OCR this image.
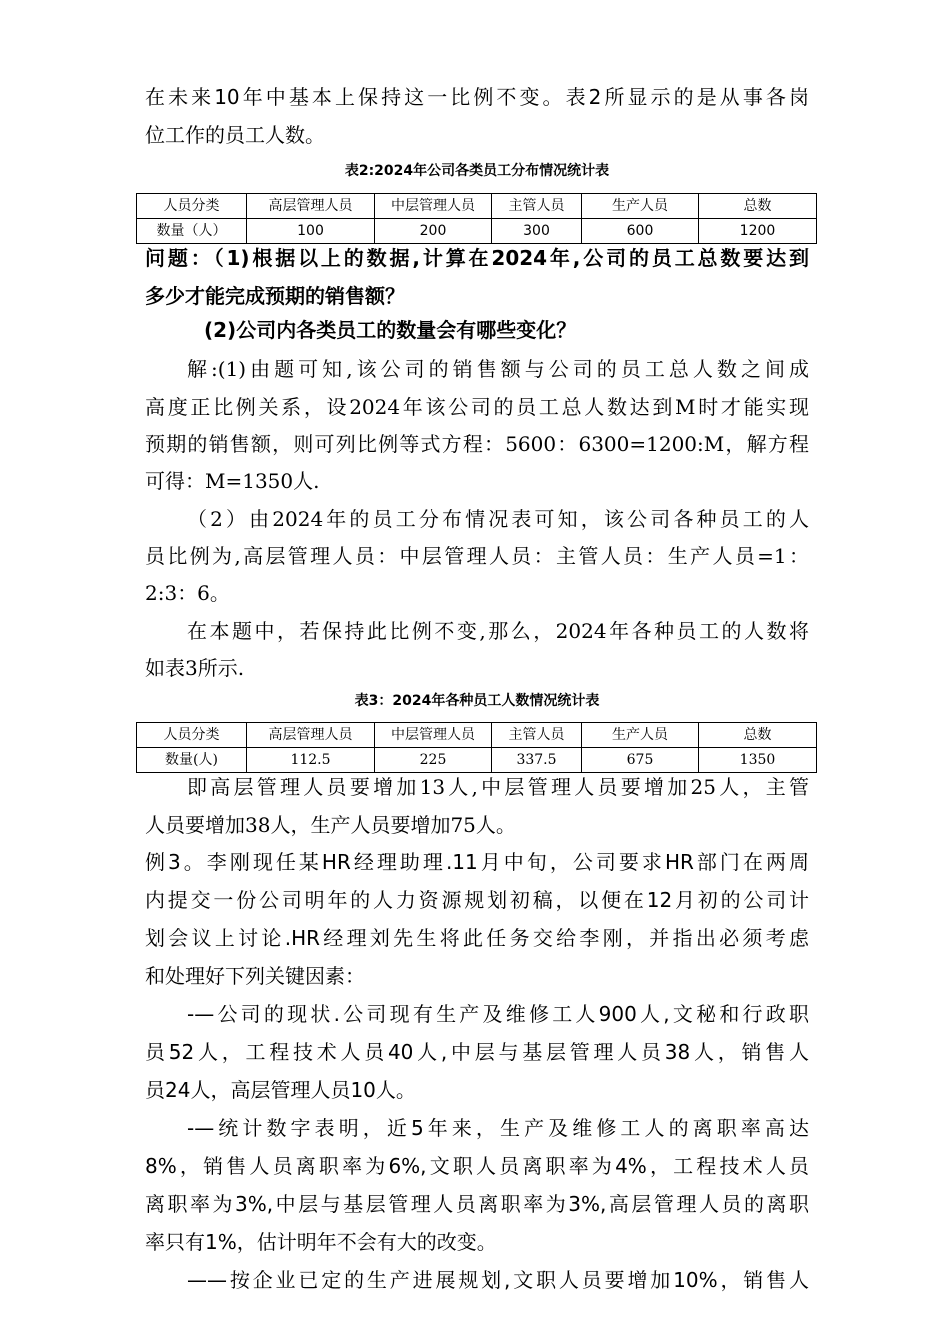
在未来10年中基本上保持这一比例不变。表2所显示的是从事各岗
位工作的员工人数。
表2:2024年公司各类员工分布情况统计表
人员分类	高层管理人员	中层管理人员	主管人员	生产人员	总数
数量（人）	100	200	300	600	1200
问题：（1)根据以上的数据,计算在2024年,公司的员工总数要达到
多少才能完成预期的销售额？
(2)公司内各类员工的数量会有哪些变化？
解:(1)由题可知,该公司的销售额与公司的员工总人数之间成
高度正比例关系，设2024年该公司的员工总人数达到M时才能实现
预期的销售额，则可列比例等式方程：5600：6300=1200:M，解方程
可得：M=1350人.
（2）由2024年的员工分布情况表可知，该公司各种员工的人
员比例为,高层管理人员：中层管理人员：主管人员：生产人员=1：
2:3：6。
在本题中，若保持此比例不变,那么，2024年各种员工的人数将
如表3所示.
表3：2024年各种员工人数情况统计表
人员分类	高层管理人员	中层管理人员	主管人员	生产人员	总数
数量(人)	112.5	225	337.5	675	1350
即高层管理人员要增加13人,中层管理人员要增加25人，主管
人员要增加38人，生产人员要增加75人。
例3。李刚现任某HR经理助理.11月中旬，公司要求HR部门在两周
内提交一份公司明年的人力资源规划初稿，以便在12月初的公司计
划会议上讨论.HR经理刘先生将此任务交给李刚，并指出必须考虑
和处理好下列关键因素：
-—公司的现状.公司现有生产及维修工人900人,文秘和行政职
员52人，工程技术人员40人,中层与基层管理人员38人，销售人
员24人，高层管理人员10人。
-—统计数字表明，近5年来，生产及维修工人的离职率高达
8%，销售人员离职率为6%,文职人员离职率为4%，工程技术人员
离职率为3%,中层与基层管理人员离职率为3%,高层管理人员的离职
率只有1%，估计明年不会有大的改变。
——按企业已定的生产进展规划,文职人员要增加10%，销售人
